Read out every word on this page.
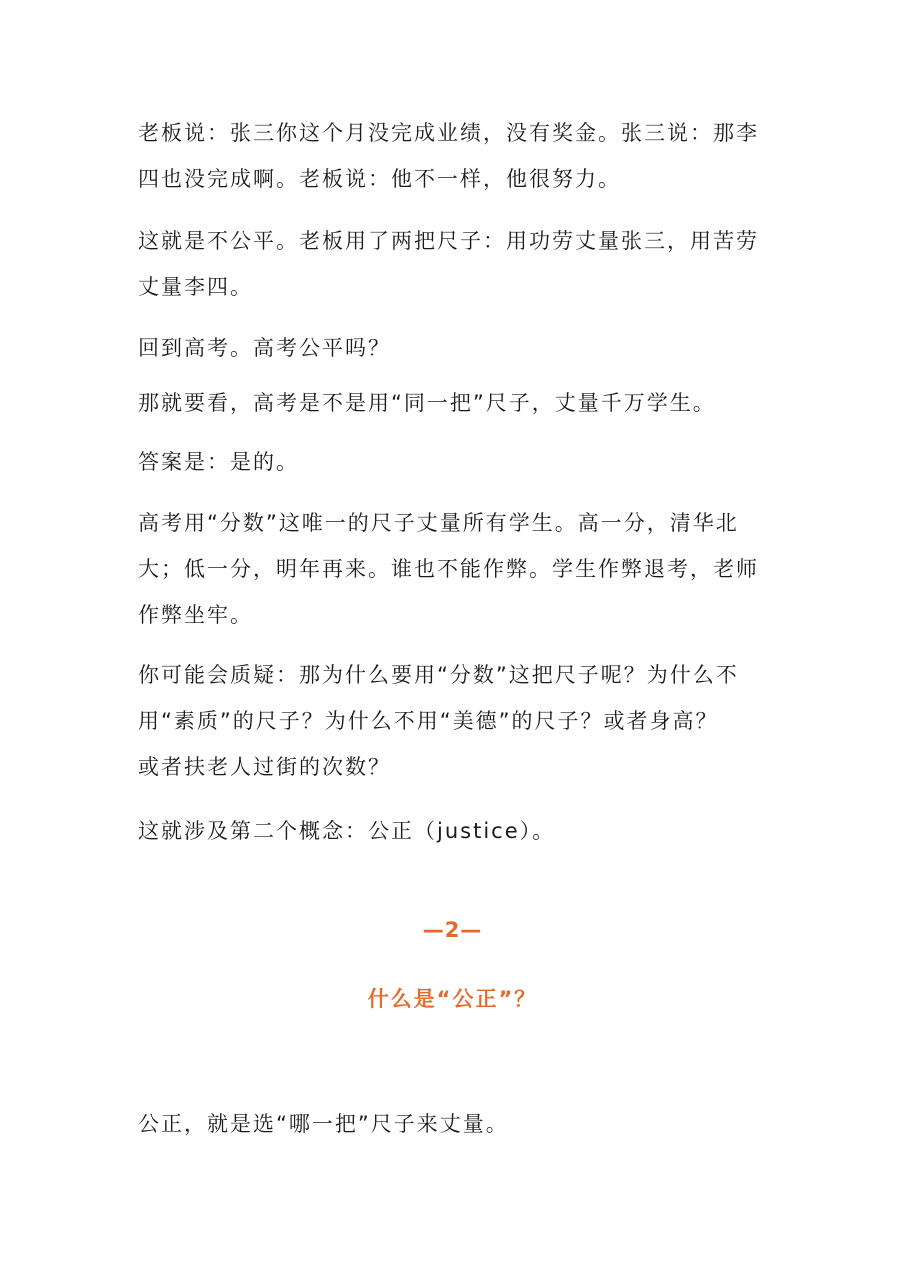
老板说：张三你这个月没完成业绩，没有奖金。张三说：那李
四也没完成啊。老板说：他不一样，他很努力。

这就是不公平。老板用了两把尺子：用功劳丈量张三，用苦劳
丈量李四。

回到高考。高考公平吗？

那就要看，高考是不是用“同一把”尺子，丈量千万学生。

答案是：是的。

高考用“分数”这唯一的尺子丈量所有学生。高一分，清华北
大；低一分，明年再来。谁也不能作弊。学生作弊退考，老师
作弊坐牢。

你可能会质疑：那为什么要用“分数”这把尺子呢？为什么不
用“素质”的尺子？为什么不用“美德”的尺子？或者身高？
或者扶老人过街的次数？

这就涉及第二个概念：公正（justice）。

—2—
什么是“公正”？

公正，就是选“哪一把”尺子来丈量。
